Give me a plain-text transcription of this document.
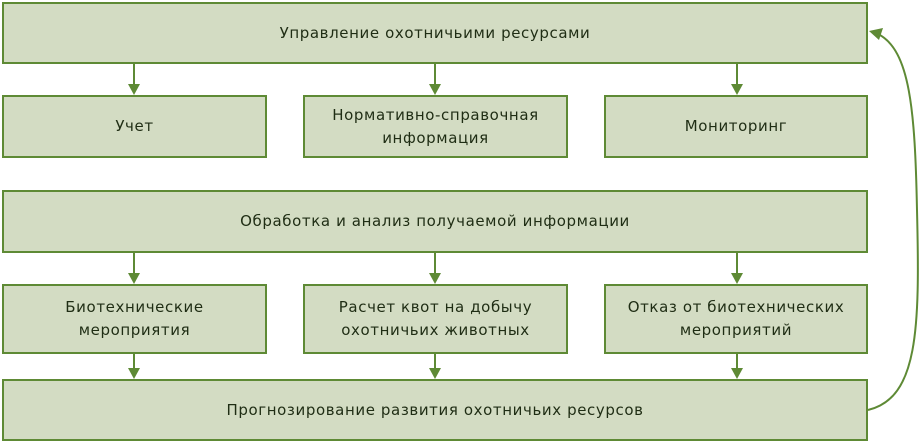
Управление охотничьими ресурсами
Учет
Нормативно-справочная
информация
Мониторинг
Обработка и анализ получаемой информации
Биотехнические
мероприятия
Расчет квот на добычу
охотничьих животных
Отказ от биотехнических
мероприятий
Прогнозирование развития охотничьих ресурсов
